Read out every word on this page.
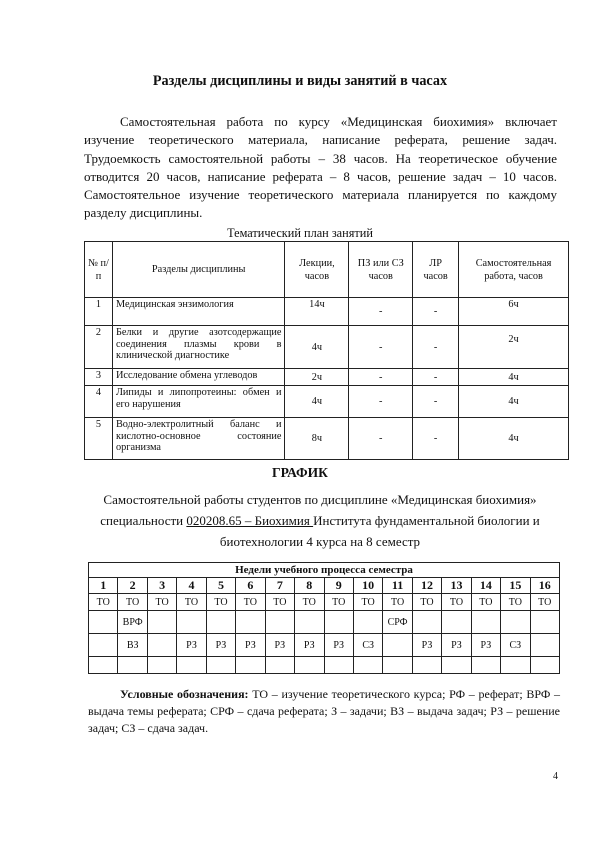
Разделы дисциплины и виды занятий в часах

Самостоятельная работа по курсу «Медицинская биохимия» включает изучение теоретического материала, написание реферата, решение задач. Трудоемкость самостоятельной работы – 38 часов. На теоретическое обучение отводится 20 часов, написание реферата – 8 часов, решение задач – 10 часов. Самостоятельное изучение теоретического материала планируется по каждому разделу дисциплины.

Тематический план занятий
№ п/п	Разделы дисциплины	Лекции, часов	ПЗ или СЗ часов	ЛР часов	Самостоятельная работа, часов
1	Медицинская энзимология	14ч	-	-	6ч
2	Белки и другие азотсодержащие соединения плазмы крови в клинической диагностике	4ч	-	-	2ч
3	Исследование обмена углеводов	2ч	-	-	4ч
4	Липиды и липопротеины: обмен и его нарушения	4ч	-	-	4ч
5	Водно-электролитный баланс и кислотно-основное состояние организма	8ч	-	-	4ч
ГРАФИК
Самостоятельной работы студентов по дисциплине «Медицинская биохимия» специальности 020208.65 – Биохимия Института фундаментальной биологии и биотехнологии 4 курса на 8 семестр
Недели учебного процесса семестра															
1	2	3	4	5	6	7	8	9	10	11	12	13	14	15	16
ТО	ТО	ТО	ТО	ТО	ТО	ТО	ТО	ТО	ТО	ТО	ТО	ТО	ТО	ТО	ТО
	ВРФ									СРФ					
	ВЗ		РЗ	РЗ	РЗ	РЗ	РЗ	РЗ	СЗ		РЗ	РЗ	РЗ	СЗ	

Условные обозначения: ТО – изучение теоретического курса; РФ – реферат; ВРФ – выдача темы реферата; СРФ – сдача реферата; З – задачи; ВЗ – выдача задач; РЗ – решение задач; СЗ – сдача задач.

4
